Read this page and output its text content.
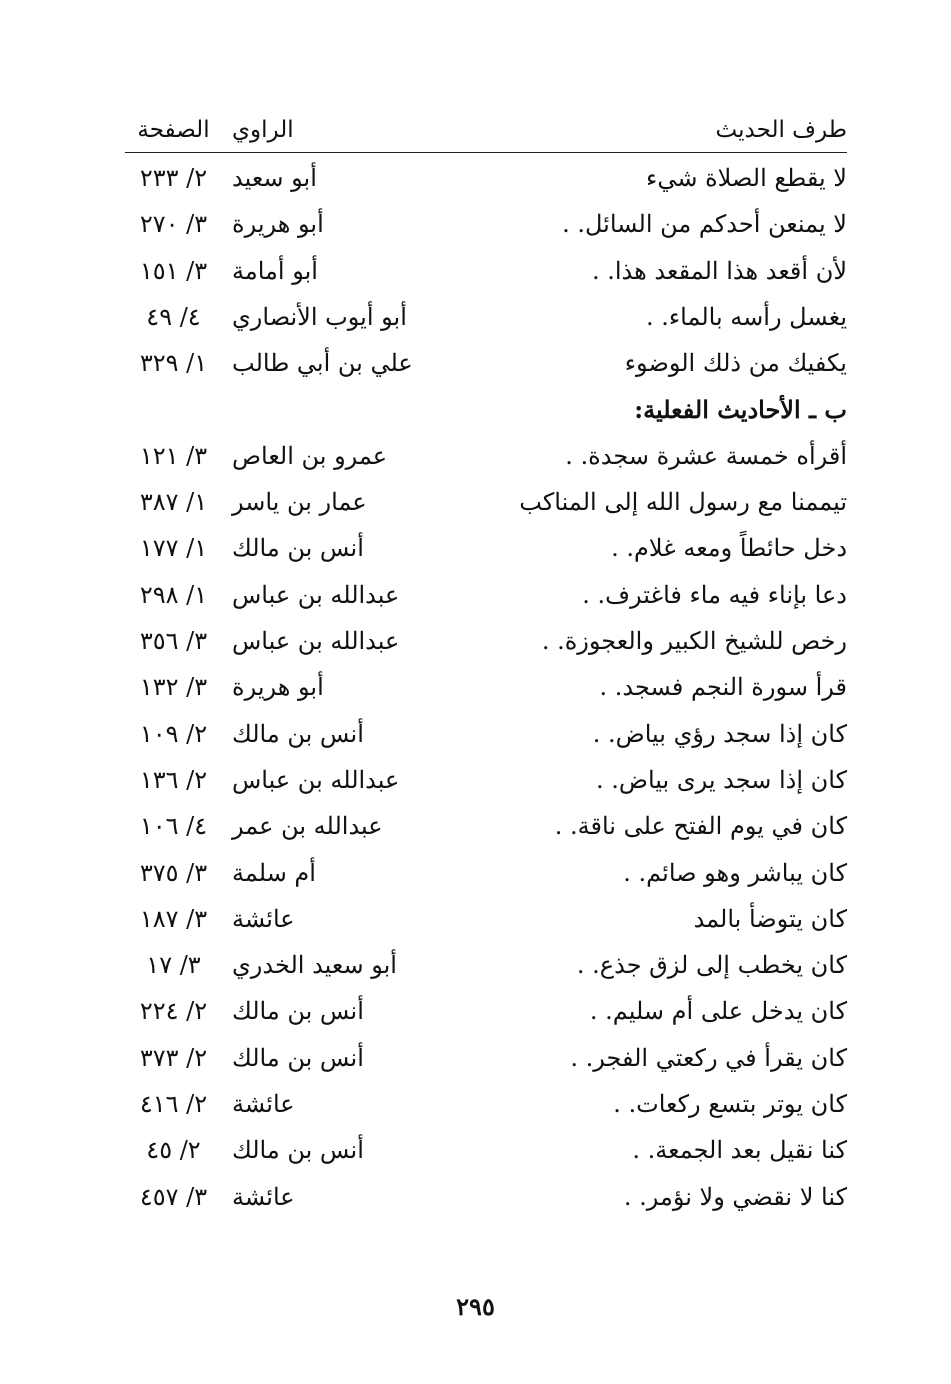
طرف الحديث
الراوي
الصفحة
لا يقطع الصلاة شيء
أبو سعيد
٢/ ٢٣٣
لا يمنعن أحدكم من السائل. .
أبو هريرة
٣/ ٢٧٠
لأن أقعد هذا المقعد هذا. .
أبو أمامة
٣/ ١٥١
يغسل رأسه بالماء. .
أبو أيوب الأنصاري
٤/ ٤٩
يكفيك من ذلك الوضوء
علي بن أبي طالب
١/ ٣٢٩
ب ـ الأحاديث الفعلية:
أقرأه خمسة عشرة سجدة. .
عمرو بن العاص
٣/ ١٢١
تيممنا مع رسول الله إلى المناكب
عمار بن ياسر
١/ ٣٨٧
دخل حائطاً ومعه غلام. .
أنس بن مالك
١/ ١٧٧
دعا بإناء فيه ماء فاغترف. .
عبدالله بن عباس
١/ ٢٩٨
رخص للشيخ الكبير والعجوزة. .
عبدالله بن عباس
٣/ ٣٥٦
قرأ سورة النجم فسجد. .
أبو هريرة
٣/ ١٣٢
كان إذا سجد رؤي بياض. .
أنس بن مالك
٢/ ١٠٩
كان إذا سجد يرى بياض. .
عبدالله بن عباس
٢/ ١٣٦
كان في يوم الفتح على ناقة. .
عبدالله بن عمر
٤/ ١٠٦
كان يباشر وهو صائم. .
أم سلمة
٣/ ٣٧٥
كان يتوضأ بالمد
عائشة
٣/ ١٨٧
كان يخطب إلى لزق جذع. .
أبو سعيد الخدري
٣/ ١٧
كان يدخل على أم سليم. .
أنس بن مالك
٢/ ٢٢٤
كان يقرأ في ركعتي الفجر. .
أنس بن مالك
٢/ ٣٧٣
كان يوتر بتسع ركعات. .
عائشة
٢/ ٤١٦
كنا نقيل بعد الجمعة. .
أنس بن مالك
٢/ ٤٥
كنا لا نقضي ولا نؤمر. .
عائشة
٣/ ٤٥٧
٢٩٥
